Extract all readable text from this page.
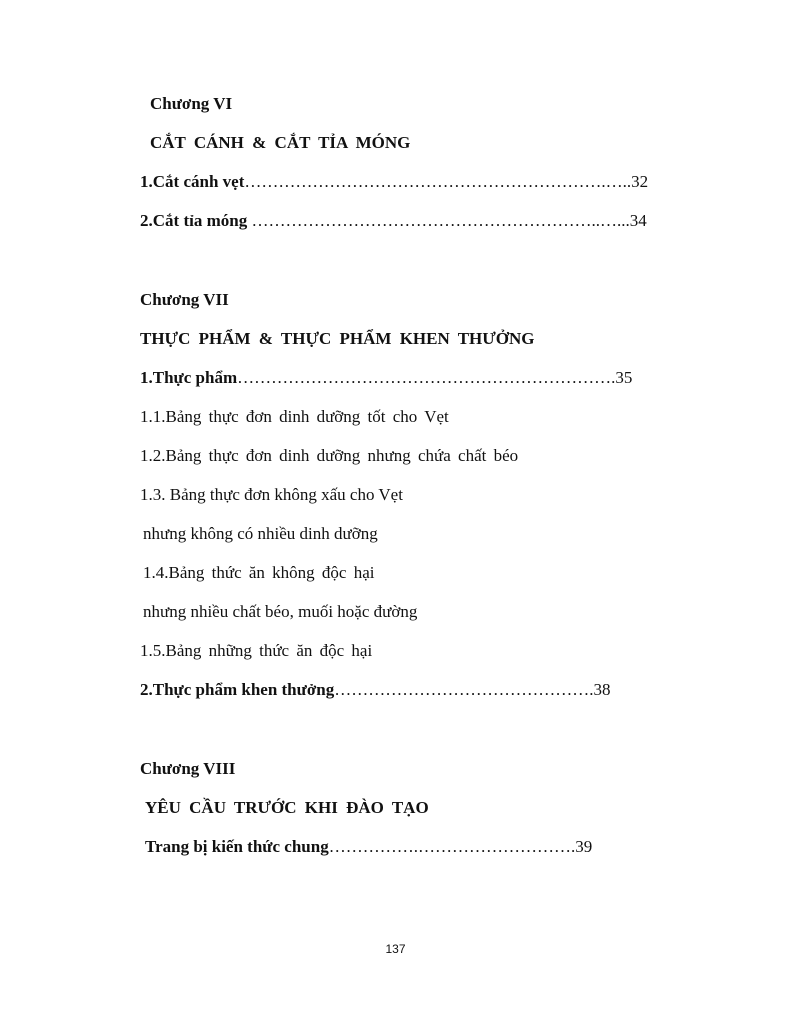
Chương VI
CẮT CÁNH & CẮT TỈA MÓNG
1.Cắt cánh vẹt……………………………………………………….…..32
2.Cắt tỉa móng ……………………………………………………..…...34
Chương VII
THỰC PHẨM & THỰC PHẨM KHEN THƯỞNG
1.Thực phẩm………………………………………………………….35
1.1.Bảng thực đơn dinh dưỡng tốt cho Vẹt
1.2.Bảng thực đơn dinh dưỡng nhưng chứa chất béo
1.3. Bảng thực đơn không xấu cho Vẹt
nhưng không có nhiều dinh dưỡng
1.4.Bảng thức ăn không độc hại
nhưng nhiều chất béo, muối hoặc đường
1.5.Bảng những thức ăn độc hại
2.Thực phẩm khen thưởng……………………………………….38
Chương VIII
YÊU CẦU TRƯỚC KHI ĐÀO TẠO
Trang bị kiến thức chung…………….……………………….39
137
